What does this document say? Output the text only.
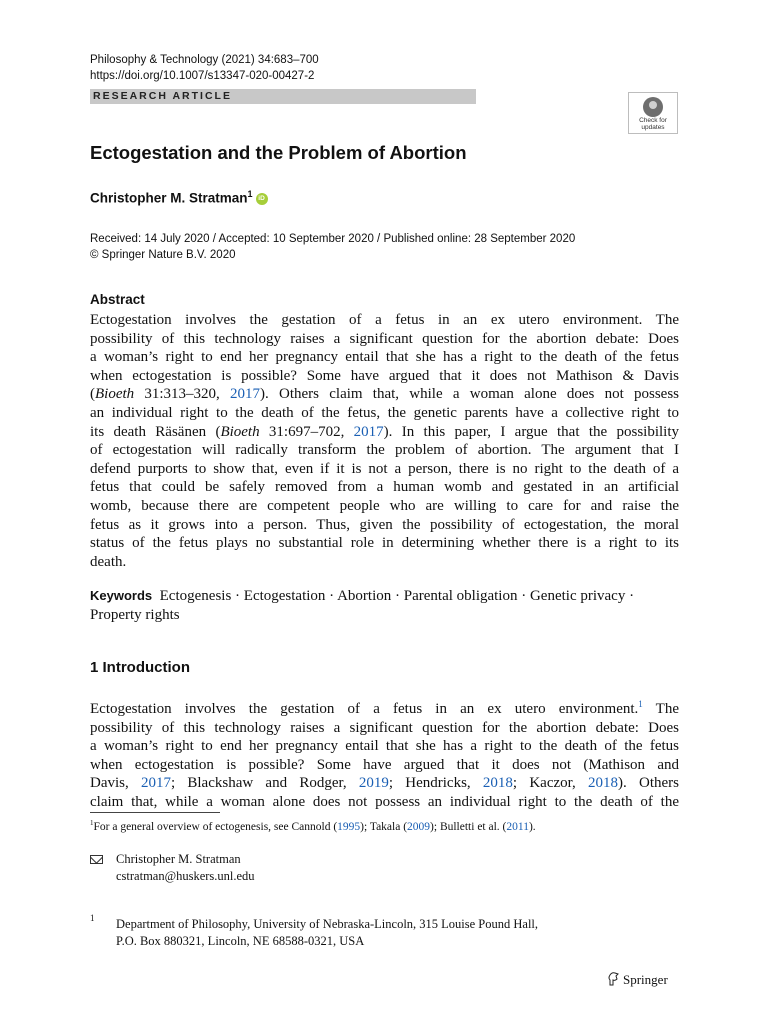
Philosophy & Technology (2021) 34:683–700
https://doi.org/10.1007/s13347-020-00427-2
RESEARCH ARTICLE
Check for
updates
Ectogestation and the Problem of Abortion
Christopher M. Stratman$^1$ iD
Received: 14 July 2020 / Accepted: 10 September 2020 / Published online: 28 September 2020
© Springer Nature B.V. 2020
Abstract
Ectogestation involves the gestation of a fetus in an ex utero environment. The
possibility of this technology raises a significant question for the abortion debate: Does
a woman’s right to end her pregnancy entail that she has a right to the death of the fetus
when ectogestation is possible? Some have argued that it does not Mathison & Davis
(Bioeth 31:313–320, 2017). Others claim that, while a woman alone does not possess
an individual right to the death of the fetus, the genetic parents have a collective right to
its death Räsänen (Bioeth 31:697–702, 2017). In this paper, I argue that the possibility
of ectogestation will radically transform the problem of abortion. The argument that I
defend purports to show that, even if it is not a person, there is no right to the death of a
fetus that could be safely removed from a human womb and gestated in an artificial
womb, because there are competent people who are willing to care for and raise the
fetus as it grows into a person. Thus, given the possibility of ectogestation, the moral
status of the fetus plays no substantial role in determining whether there is a right to its
death.
Keywords Ectogenesis · Ectogestation · Abortion · Parental obligation · Genetic privacy ·
Property rights
1 Introduction
Ectogestation involves the gestation of a fetus in an ex utero environment.$^1$ The
possibility of this technology raises a significant question for the abortion debate: Does
a woman’s right to end her pregnancy entail that she has a right to the death of the fetus
when ectogestation is possible? Some have argued that it does not (Mathison and
Davis, 2017; Blackshaw and Rodger, 2019; Hendricks, 2018; Kaczor, 2018). Others
claim that, while a woman alone does not possess an individual right to the death of the
$^1$For a general overview of ectogenesis, see Cannold (1995); Takala (2009); Bulletti et al. (2011).
Christopher M. Stratman
cstratman@huskers.unl.edu
1 Department of Philosophy, University of Nebraska-Lincoln, 315 Louise Pound Hall,
P.O. Box 880321, Lincoln, NE 68588-0321, USA
Springer
